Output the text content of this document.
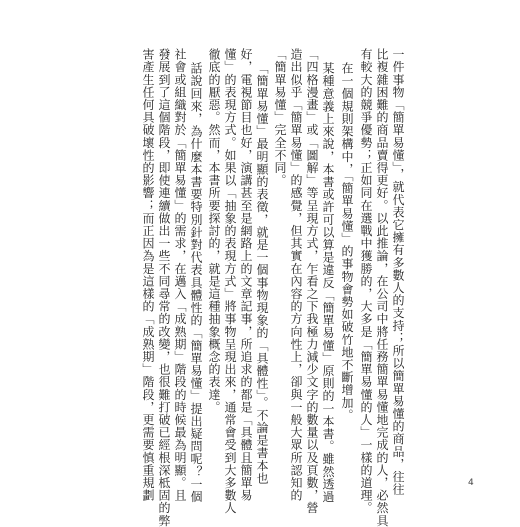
一件事物「簡單易懂」，就代表它擁有多數人的支持；所以簡單易懂的商品，往往
比複雜困難的商品賣得更好。以此推論，在公司中將任務簡單易懂地完成的人，必然具
有較大的競爭優勢；正如同在選戰中獲勝的，大多是「簡單易懂的人」一樣的道理。
在一個規則架構中，「簡單易懂」的事物會勢如破竹地不斷增加。
某種意義上來說，本書或許可以算是違反「簡單易懂」原則的一本書。雖然透過
「四格漫畫」或「圖解」等呈現方式，乍看之下我極力減少文字的數量以及頁數，營
造出似乎「簡單易懂」的感覺，但其實在內容的方向性上，卻與一般大眾所認知的
「簡單易懂」完全不同。
「簡單易懂」最明顯的表徵，就是一個事物現象的「具體性」。不論是書本也
好，電視節目也好，演講甚至是網路上的文章記事，所追求的都是「具體且簡單易
懂」的表現方式。如果以「抽象的表現方式」將事物呈現出來，通常會受到大多數人
徹底的厭惡。然而，本書所要探討的，就是這種抽象概念的表達。
話說回來，為什麼本書要特別針對代表具體性的「簡單易懂」提出疑問呢？一個
社會或組織對於「簡單易懂」的需求，在邁入「成熟期」階段的時候最為明顯。且
發展到了這個階段，即使連續做出一些不同尋常的改變，也很難打破已經根深柢固的弊
害產生任何具破壞性的影響；而正因為是這樣的「成熟期」階段，更需要慎重規劃	4
